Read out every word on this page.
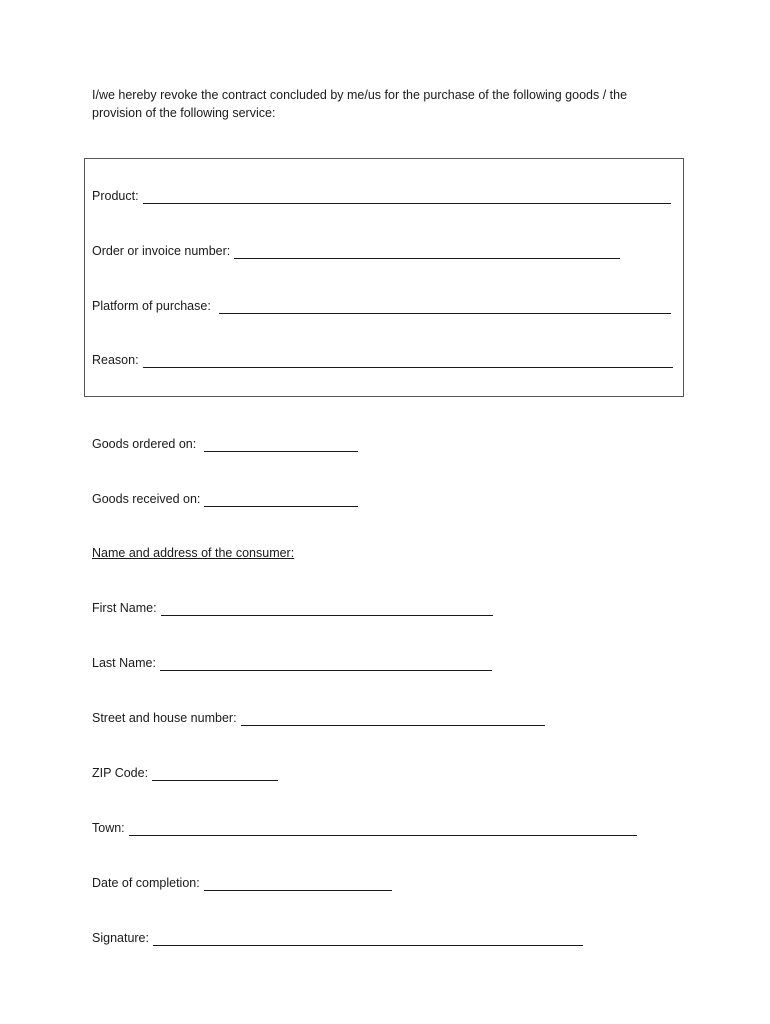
I/we hereby revoke the contract concluded by me/us for the purchase of the following goods / the
provision of the following service:
Product:
Order or invoice number:
Platform of purchase:
Reason:
Goods ordered on:
Goods received on:
Name and address of the consumer:
First Name:
Last Name:
Street and house number:
ZIP Code:
Town:
Date of completion:
Signature:
